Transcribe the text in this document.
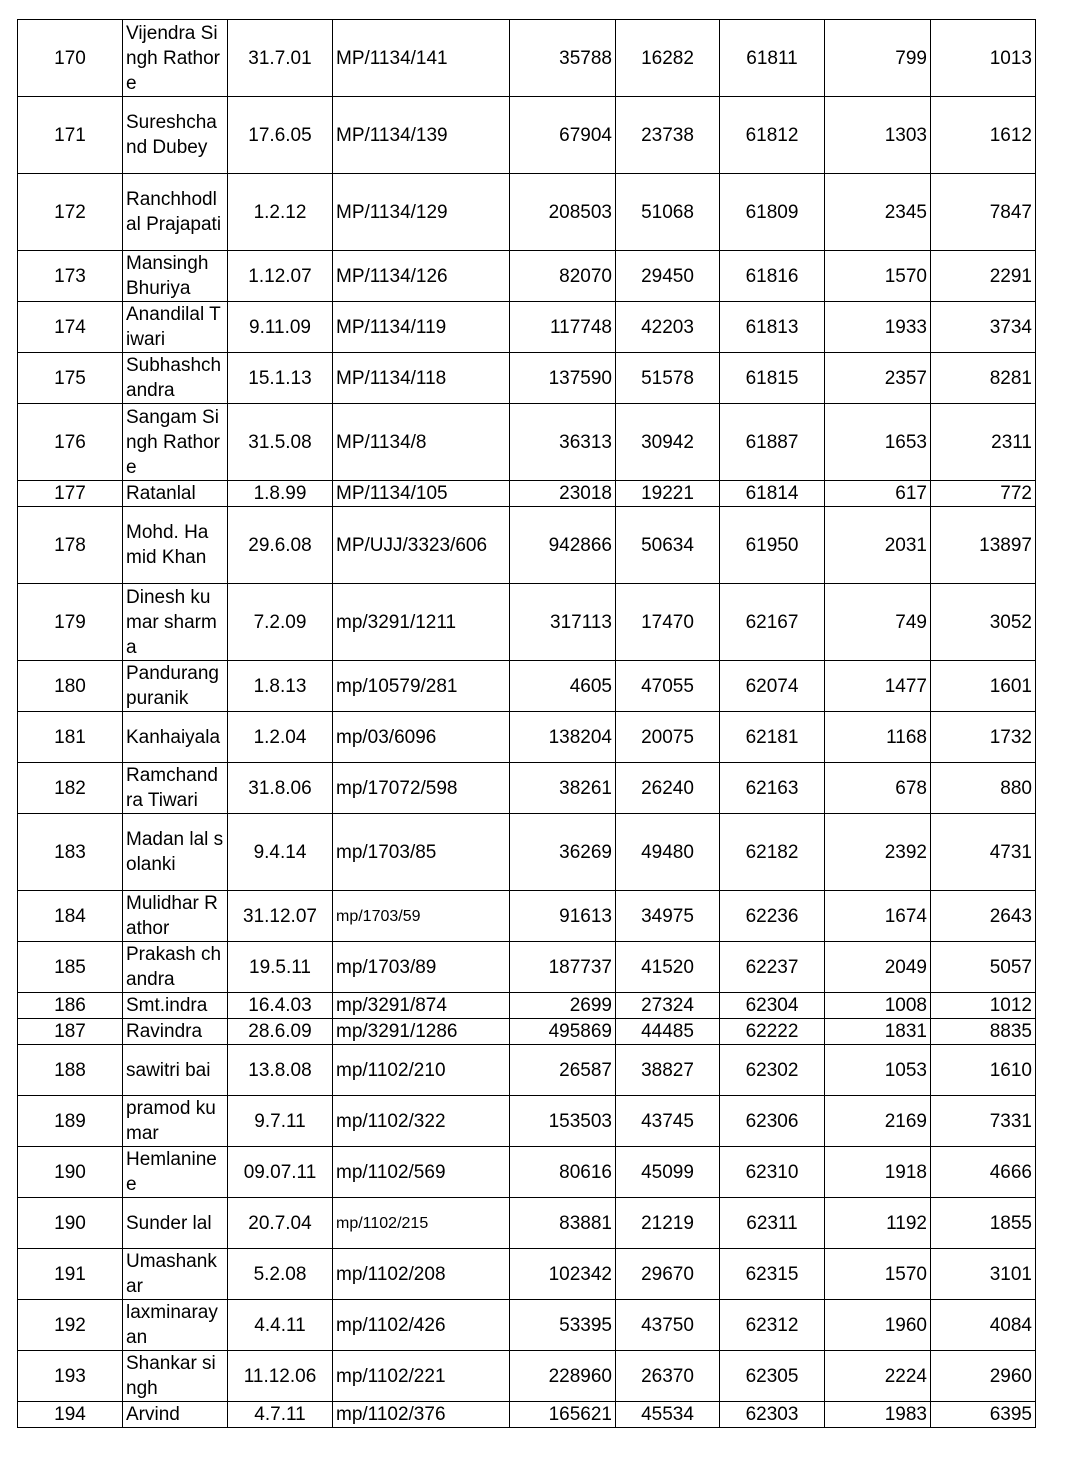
170	Vijendra Singh Rathore	31.7.01	MP/1134/141	35788	16282	61811	799	1013
171	Sureshchand Dubey	17.6.05	MP/1134/139	67904	23738	61812	1303	1612
172	Ranchhodlal Prajapati	1.2.12	MP/1134/129	208503	51068	61809	2345	7847
173	Mansingh Bhuriya	1.12.07	MP/1134/126	82070	29450	61816	1570	2291
174	Anandilal Tiwari	9.11.09	MP/1134/119	117748	42203	61813	1933	3734
175	Subhashchandra	15.1.13	MP/1134/118	137590	51578	61815	2357	8281
176	Sangam Singh Rathore	31.5.08	MP/1134/8	36313	30942	61887	1653	2311
177	Ratanlal	1.8.99	MP/1134/105	23018	19221	61814	617	772
178	Mohd. Hamid Khan	29.6.08	MP/UJJ/3323/606	942866	50634	61950	2031	13897
179	Dinesh kumar sharma	7.2.09	mp/3291/1211	317113	17470	62167	749	3052
180	Pandurang puranik	1.8.13	mp/10579/281	4605	47055	62074	1477	1601
181	Kanhaiyala	1.2.04	mp/03/6096	138204	20075	62181	1168	1732
182	Ramchandra Tiwari	31.8.06	mp/17072/598	38261	26240	62163	678	880
183	Madan lal solanki	9.4.14	mp/1703/85	36269	49480	62182	2392	4731
184	Mulidhar Rathor	31.12.07	mp/1703/59	91613	34975	62236	1674	2643
185	Prakash chandra	19.5.11	mp/1703/89	187737	41520	62237	2049	5057
186	Smt.indra	16.4.03	mp/3291/874	2699	27324	62304	1008	1012
187	Ravindra	28.6.09	mp/3291/1286	495869	44485	62222	1831	8835
188	sawitri bai	13.8.08	mp/1102/210	26587	38827	62302	1053	1610
189	pramod kumar	9.7.11	mp/1102/322	153503	43745	62306	2169	7331
190	Hemlaninee	09.07.11	mp/1102/569	80616	45099	62310	1918	4666
190	Sunder lal	20.7.04	mp/1102/215	83881	21219	62311	1192	1855
191	Umashankar	5.2.08	mp/1102/208	102342	29670	62315	1570	3101
192	laxminarayan	4.4.11	mp/1102/426	53395	43750	62312	1960	4084
193	Shankar singh	11.12.06	mp/1102/221	228960	26370	62305	2224	2960
194	Arvind	4.7.11	mp/1102/376	165621	45534	62303	1983	6395
